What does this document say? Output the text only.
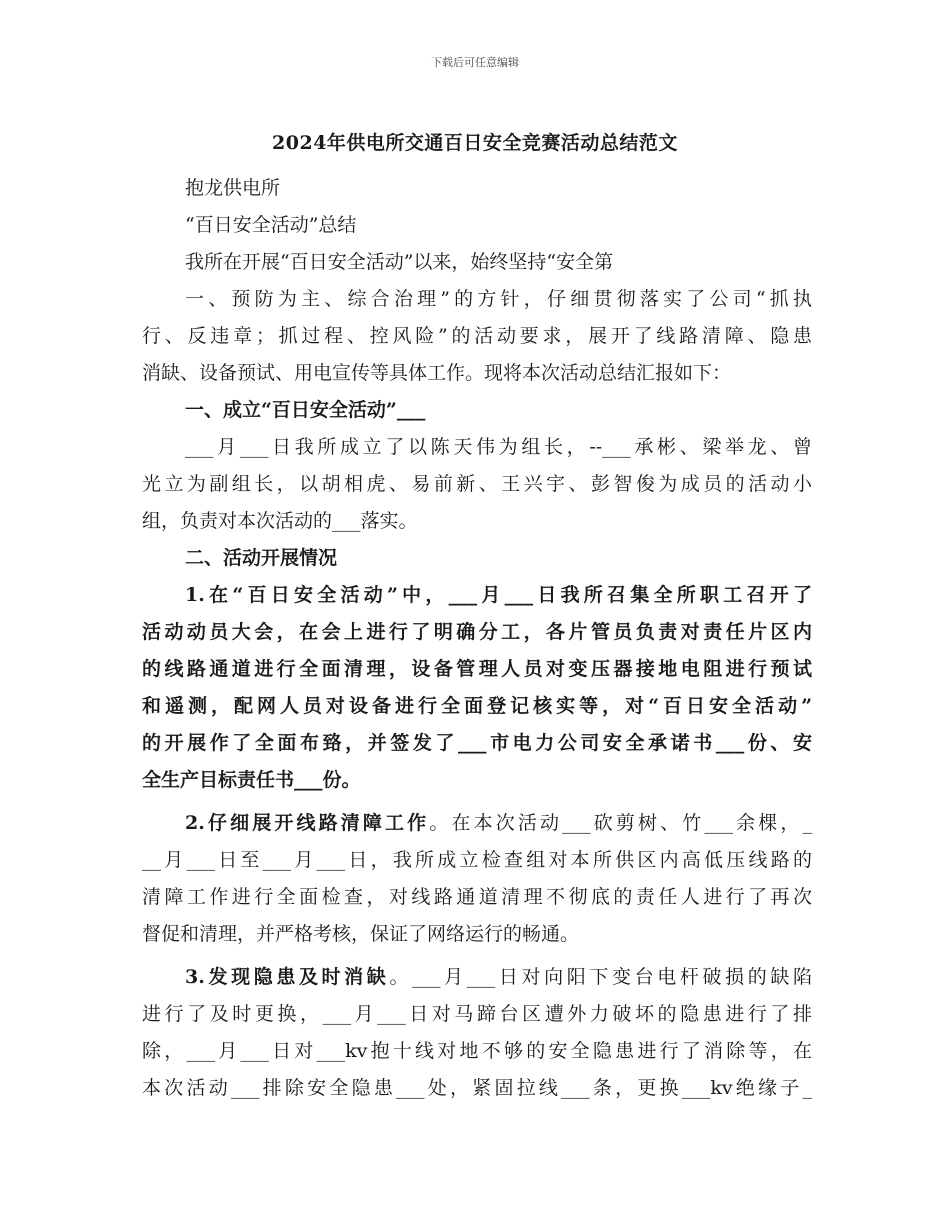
下载后可任意编辑
2024年供电所交通百日安全竞赛活动总结范文
抱龙供电所
“百日安全活动”总结
我所在开展“百日安全活动”以来，始终坚持“安全第
一、预防为主、综合治理”的方针，仔细贯彻落实了公司“抓执
行、反违章；抓过程、控风险”的活动要求，展开了线路清障、隐患
消缺、设备预试、用电宣传等具体工作。现将本次活动总结汇报如下：
一、成立“百日安全活动”___
___月___日我所成立了以陈天伟为组长，--___承彬、梁举龙、曾
光立为副组长，以胡相虎、易前新、王兴宇、彭智俊为成员的活动小
组，负责对本次活动的___落实。
二、活动开展情况
1.在“百日安全活动”中，___月___日我所召集全所职工召开了
活动动员大会，在会上进行了明确分工，各片管员负责对责任片区内
的线路通道进行全面清理，设备管理人员对变压器接地电阻进行预试
和遥测，配网人员对设备进行全面登记核实等，对“百日安全活动”
的开展作了全面布臵，并签发了___市电力公司安全承诺书___份、安
全生产目标责任书___份。
2.仔细展开线路清障工作。在本次活动___砍剪树、竹___余棵，_
__月___日至___月___日，我所成立检查组对本所供区内高低压线路的
清障工作进行全面检查，对线路通道清理不彻底的责任人进行了再次
督促和清理，并严格考核，保证了网络运行的畅通。
3.发现隐患及时消缺。___月___日对向阳下变台电杆破损的缺陷
进行了及时更换，___月___日对马蹄台区遭外力破坏的隐患进行了排
除，___月___日对___kv抱十线对地不够的安全隐患进行了消除等，在
本次活动___排除安全隐患___处，紧固拉线___条，更换___kv绝缘子_
